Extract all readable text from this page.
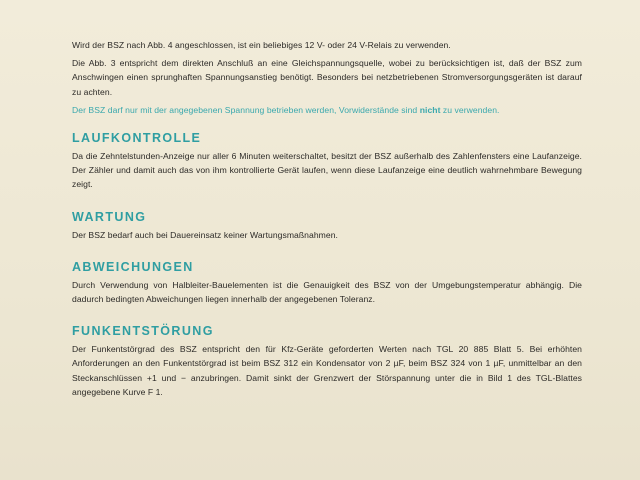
Wird der BSZ nach Abb. 4 angeschlossen, ist ein beliebiges 12 V- oder 24 V-Relais zu verwenden.

Die Abb. 3 entspricht dem direkten Anschluß an eine Gleichspannungsquelle, wobei zu berücksichtigen ist, daß der BSZ zum Anschwingen einen sprunghaften Spannungsanstieg benötigt. Besonders bei netzbetriebenen Stromversorgungsgeräten ist darauf zu achten.

Der BSZ darf nur mit der angegebenen Spannung betrieben werden, Vorwiderstände sind nicht zu verwenden.

LAUFKONTROLLE

Da die Zehntelstunden-Anzeige nur aller 6 Minuten weiterschaltet, besitzt der BSZ außerhalb des Zahlenfensters eine Laufanzeige. Der Zähler und damit auch das von ihm kontrollierte Gerät laufen, wenn diese Laufanzeige eine deutlich wahrnehmbare Bewegung zeigt.

WARTUNG

Der BSZ bedarf auch bei Dauereinsatz keiner Wartungsmaßnahmen.

ABWEICHUNGEN

Durch Verwendung von Halbleiter-Bauelementen ist die Genauigkeit des BSZ von der Umgebungstemperatur abhängig. Die dadurch bedingten Abweichungen liegen innerhalb der angegebenen Toleranz.

FUNKENTSTÖRUNG

Der Funkentstörgrad des BSZ entspricht den für Kfz-Geräte geforderten Werten nach TGL 20 885 Blatt 5. Bei erhöhten Anforderungen an den Funkentstörgrad ist beim BSZ 312 ein Kondensator von 2 µF, beim BSZ 324 von 1 µF, unmittelbar an den Steckanschlüssen +1 und − anzubringen. Damit sinkt der Grenzwert der Störspannung unter die in Bild 1 des TGL-Blattes angegebene Kurve F 1.
